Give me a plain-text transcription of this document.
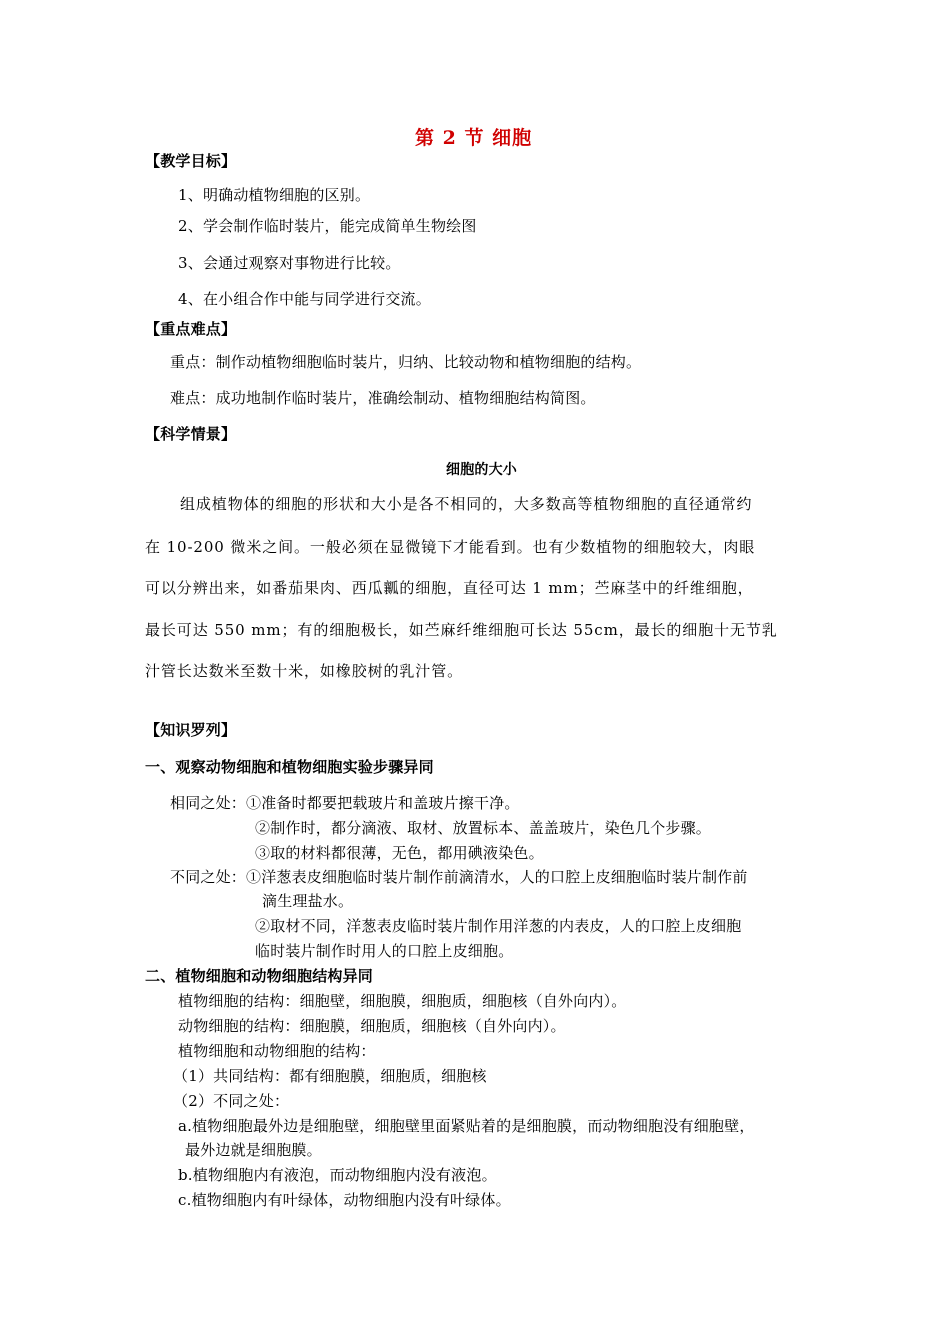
第 2 节 细胞
【教学目标】
1、明确动植物细胞的区别。
2、学会制作临时装片，能完成简单生物绘图
3、会通过观察对事物进行比较。
4、在小组合作中能与同学进行交流。
【重点难点】
重点：制作动植物细胞临时装片，归纳、比较动物和植物细胞的结构。
难点：成功地制作临时装片，准确绘制动、植物细胞结构简图。
【科学情景】
细胞的大小
组成植物体的细胞的形状和大小是各不相同的，大多数高等植物细胞的直径通常约
在 10-200 微米之间。一般必须在显微镜下才能看到。也有少数植物的细胞较大，肉眼
可以分辨出来，如番茄果肉、西瓜瓤的细胞，直径可达 1 mm；苎麻茎中的纤维细胞，
最长可达 550 mm；有的细胞极长，如苎麻纤维细胞可长达 55cm，最长的细胞十无节乳
汁管长达数米至数十米，如橡胶树的乳汁管。
【知识罗列】
一、观察动物细胞和植物细胞实验步骤异同
相同之处：①准备时都要把载玻片和盖玻片擦干净。
②制作时，都分滴液、取材、放置标本、盖盖玻片，染色几个步骤。
③取的材料都很薄，无色，都用碘液染色。
不同之处：①洋葱表皮细胞临时装片制作前滴清水，人的口腔上皮细胞临时装片制作前
滴生理盐水。
②取材不同，洋葱表皮临时装片制作用洋葱的内表皮，人的口腔上皮细胞
临时装片制作时用人的口腔上皮细胞。
二、植物细胞和动物细胞结构异同
植物细胞的结构：细胞壁，细胞膜，细胞质，细胞核（自外向内）。
动物细胞的结构：细胞膜，细胞质，细胞核（自外向内）。
植物细胞和动物细胞的结构：
（1）共同结构：都有细胞膜，细胞质，细胞核
（2）不同之处：
a.植物细胞最外边是细胞壁，细胞壁里面紧贴着的是细胞膜，而动物细胞没有细胞壁，
最外边就是细胞膜。
b.植物细胞内有液泡，而动物细胞内没有液泡。
c.植物细胞内有叶绿体，动物细胞内没有叶绿体。
